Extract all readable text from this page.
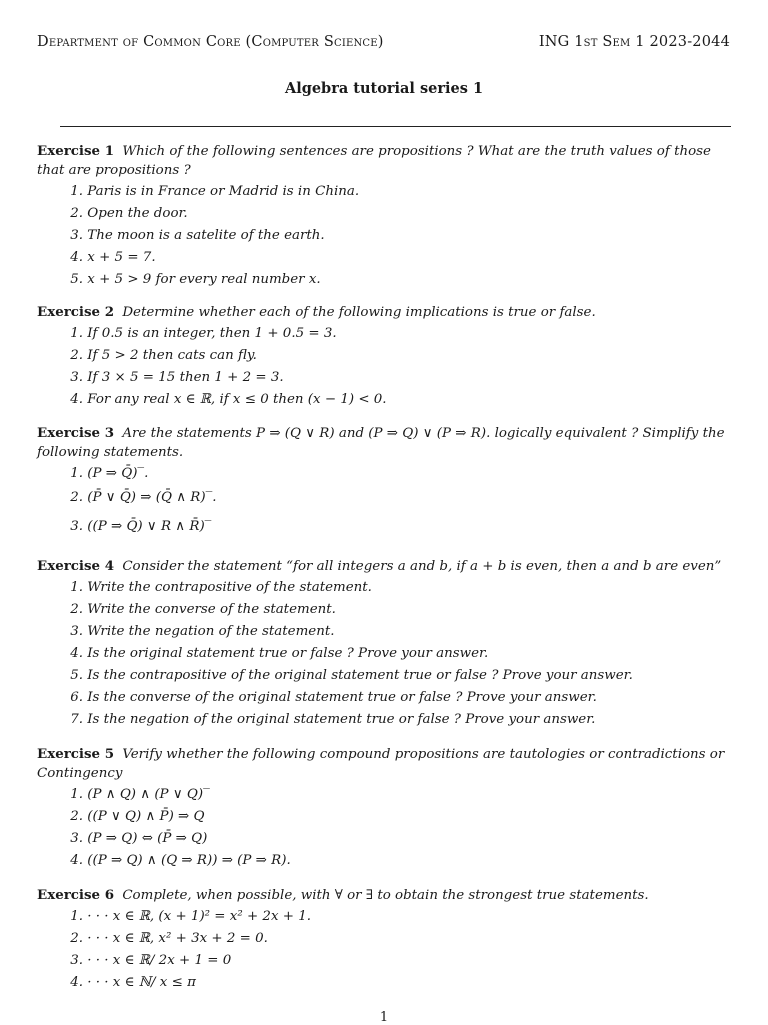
Department of Common Core (Computer Science)	ING 1st Sem 1 2023-2044
Algebra tutorial series 1

Exercise 1 Which of the following sentences are propositions ? What are the truth values of those that are propositions ?

1. Paris is in France or Madrid is in China.
2. Open the door.
3. The moon is a satelite of the earth.
4. x + 5 = 7.
5. x + 5 > 9 for every real number x.

Exercise 2 Determine whether each of the following implications is true or false.

1. If 0.5 is an integer, then 1 + 0.5 = 3.
2. If 5 > 2 then cats can fly.
3. If 3 × 5 = 15 then 1 + 2 = 3.
4. For any real x ∈ ℝ, if x ≤ 0 then (x − 1) < 0.

Exercise 3 Are the statements P ⇒ (Q ∨ R) and (P ⇒ Q) ∨ (P ⇒ R). logically equivalent ? Simplify the following statements.

1. (P ⇒ Q̄)‾.
2. (P̄ ∨ Q̄) ⇒ (Q̄ ∧ R)‾.
3. ((P ⇒ Q̄) ∨ R ∧ R̄)‾

Exercise 4 Consider the statement “for all integers a and b, if a + b is even, then a and b are even”

1. Write the contrapositive of the statement.
2. Write the converse of the statement.
3. Write the negation of the statement.
4. Is the original statement true or false ? Prove your answer.
5. Is the contrapositive of the original statement true or false ? Prove your answer.
6. Is the converse of the original statement true or false ? Prove your answer.
7. Is the negation of the original statement true or false ? Prove your answer.

Exercise 5 Verify whether the following compound propositions are tautologies or contradictions or Contingency

1. (P ∧ Q) ∧ (P ∨ Q)‾
2. ((P ∨ Q) ∧ P̄) ⇒ Q
3. (P ⇒ Q) ⇔ (P̄ ⇒ Q)
4. ((P ⇒ Q) ∧ (Q ⇒ R)) ⇒ (P ⇒ R).

Exercise 6 Complete, when possible, with ∀ or ∃ to obtain the strongest true statements.

1. · · · x ∈ ℝ, (x + 1)² = x² + 2x + 1.
2. · · · x ∈ ℝ, x² + 3x + 2 = 0.
3. · · · x ∈ ℝ/ 2x + 1 = 0
4. · · · x ∈ ℕ/ x ≤ π
1
